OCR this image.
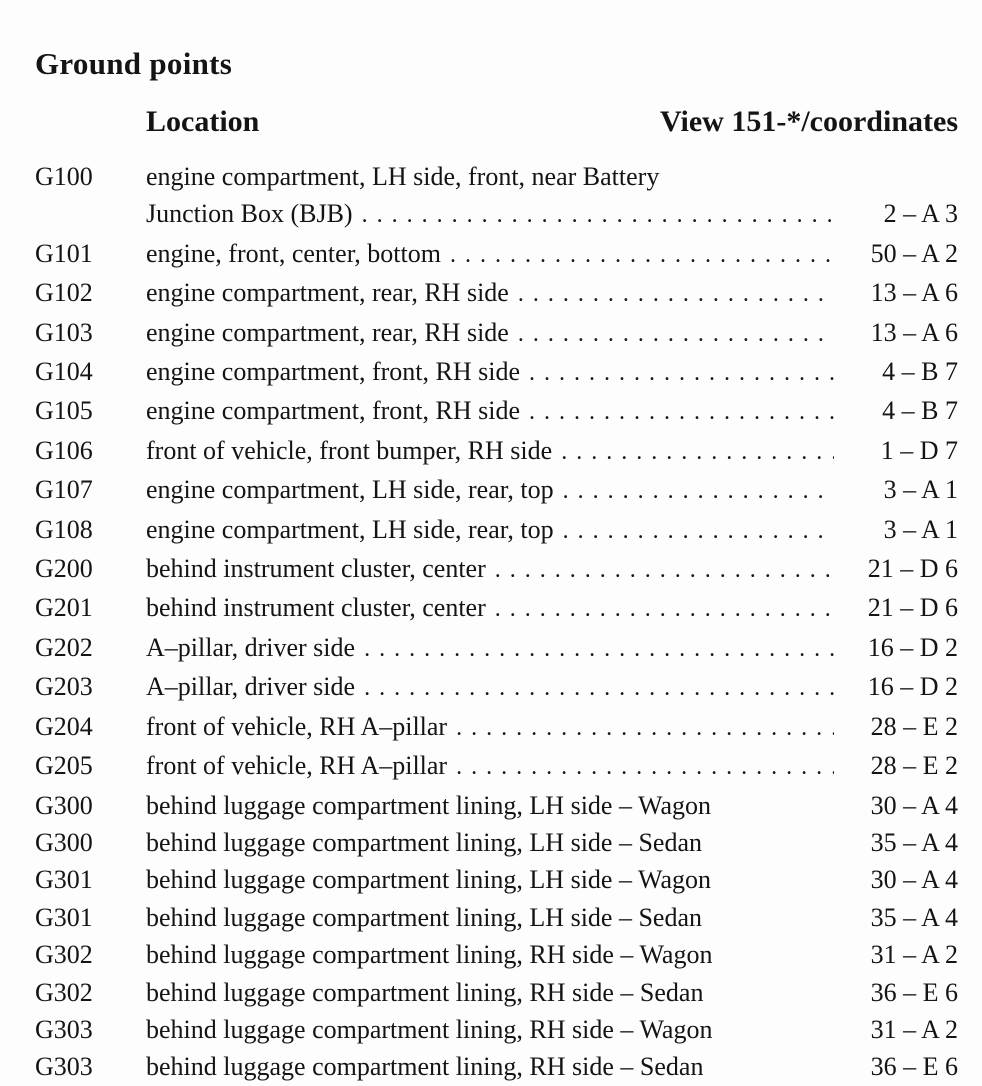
Ground points
Location	View 151-*/coordinates
G100	engine compartment, LH side, front, near Battery
Junction Box (BJB) .....	2 – A 3
G101	engine, front, center, bottom .....	50 – A 2
G102	engine compartment, rear, RH side .....	13 – A 6
G103	engine compartment, rear, RH side .....	13 – A 6
G104	engine compartment, front, RH side .....	4 – B 7
G105	engine compartment, front, RH side .....	4 – B 7
G106	front of vehicle, front bumper, RH side .....	1 – D 7
G107	engine compartment, LH side, rear, top .....	3 – A 1
G108	engine compartment, LH side, rear, top .....	3 – A 1
G200	behind instrument cluster, center .....	21 – D 6
G201	behind instrument cluster, center .....	21 – D 6
G202	A–pillar, driver side .....	16 – D 2
G203	A–pillar, driver side .....	16 – D 2
G204	front of vehicle, RH A–pillar .....	28 – E 2
G205	front of vehicle, RH A–pillar .....	28 – E 2
G300	behind luggage compartment lining, LH side – Wagon	30 – A 4
G300	behind luggage compartment lining, LH side – Sedan	35 – A 4
G301	behind luggage compartment lining, LH side – Wagon	30 – A 4
G301	behind luggage compartment lining, LH side – Sedan	35 – A 4
G302	behind luggage compartment lining, RH side – Wagon	31 – A 2
G302	behind luggage compartment lining, RH side – Sedan	36 – E 6
G303	behind luggage compartment lining, RH side – Wagon	31 – A 2
G303	behind luggage compartment lining, RH side – Sedan	36 – E 6
